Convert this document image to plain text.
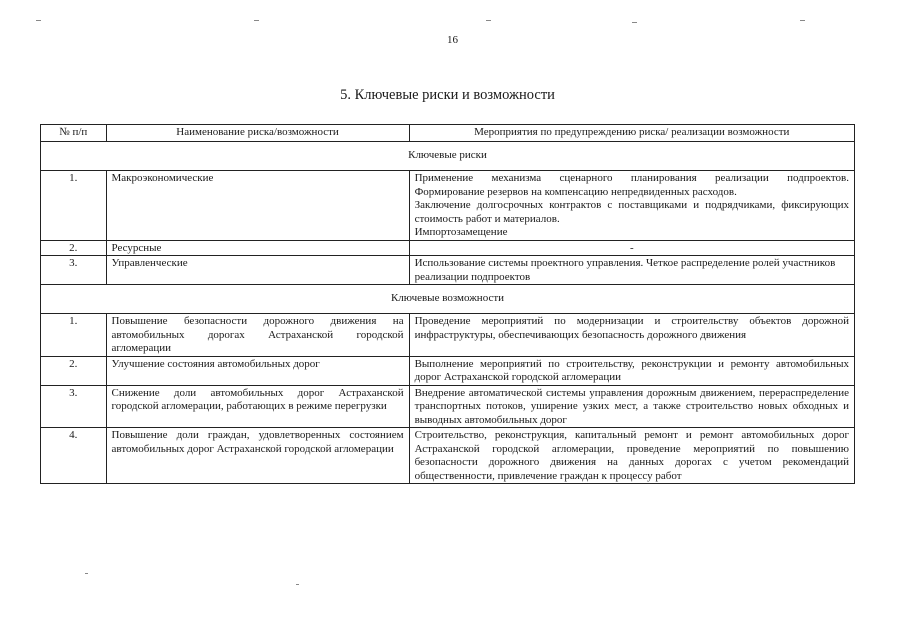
16
5. Ключевые риски и возможности
№ п/п	Наименование риска/возможности	Мероприятия по предупреждению риска/ реализации возможности
Ключевые риски		
1.	Макроэкономические	Применение механизма сценарного планирования реализации подпроектов.
Формирование резервов на компенсацию непредвиденных расходов.
Заключение долгосрочных контрактов с поставщиками и подрядчиками, фиксирующих стоимость работ и материалов.
Импортозамещение

2.	Ресурсные	-
3.	Управленческие	Использование системы проектного управления. Четкое распределение ролей участников реализации подпроектов
Ключевые возможности		
1.	Повышение безопасности дорожного движения на автомобильных дорогах Астраханской городской агломерации	Проведение мероприятий по модернизации и строительству объектов дорожной инфраструктуры, обеспечивающих безопасность дорожного движения
2.	Улучшение состояния автомобильных дорог	Выполнение мероприятий по строительству, реконструкции и ремонту автомобильных дорог Астраханской городской агломерации
3.	Снижение доли автомобильных дорог Астраханской городской агломерации, работающих в режиме перегрузки	Внедрение автоматической системы управления дорожным движением, перераспределение транспортных потоков, уширение узких мест, а также строительство новых обходных и выводных автомобильных дорог
4.	Повышение доли граждан, удовлетворенных состоянием автомобильных дорог Астраханской городской агломерации	Строительство, реконструкция, капитальный ремонт и ремонт автомобильных дорог Астраханской городской агломерации, проведение мероприятий по повышению безопасности дорожного движения на данных дорогах с учетом рекомендаций общественности, привлечение граждан к процессу работ
